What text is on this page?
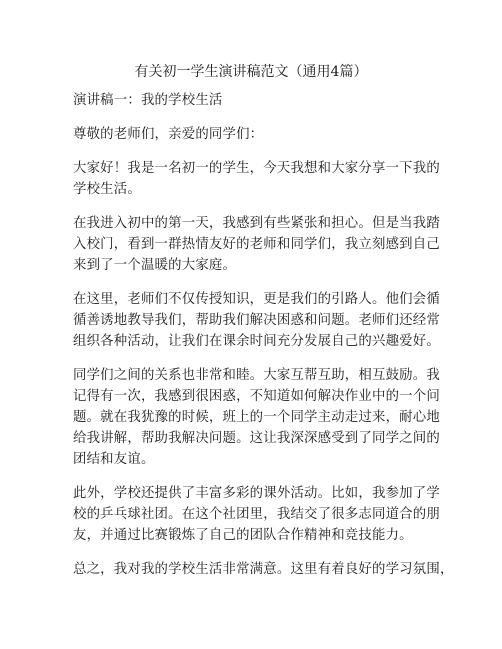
有关初一学生演讲稿范文（通用4篇）
演讲稿一：我的学校生活
尊敬的老师们，亲爱的同学们：
大家好！我是一名初一的学生，今天我想和大家分享一下我的
学校生活。
在我进入初中的第一天，我感到有些紧张和担心。但是当我踏
入校门，看到一群热情友好的老师和同学们，我立刻感到自己
来到了一个温暖的大家庭。
在这里，老师们不仅传授知识，更是我们的引路人。他们会循
循善诱地教导我们，帮助我们解决困惑和问题。老师们还经常
组织各种活动，让我们在课余时间充分发展自己的兴趣爱好。
同学们之间的关系也非常和睦。大家互帮互助，相互鼓励。我
记得有一次，我感到很困惑，不知道如何解决作业中的一个问
题。就在我犹豫的时候，班上的一个同学主动走过来，耐心地
给我讲解，帮助我解决问题。这让我深深感受到了同学之间的
团结和友谊。
此外，学校还提供了丰富多彩的课外活动。比如，我参加了学
校的乒乓球社团。在这个社团里，我结交了很多志同道合的朋
友，并通过比赛锻炼了自己的团队合作精神和竞技能力。
总之，我对我的学校生活非常满意。这里有着良好的学习氛围，
